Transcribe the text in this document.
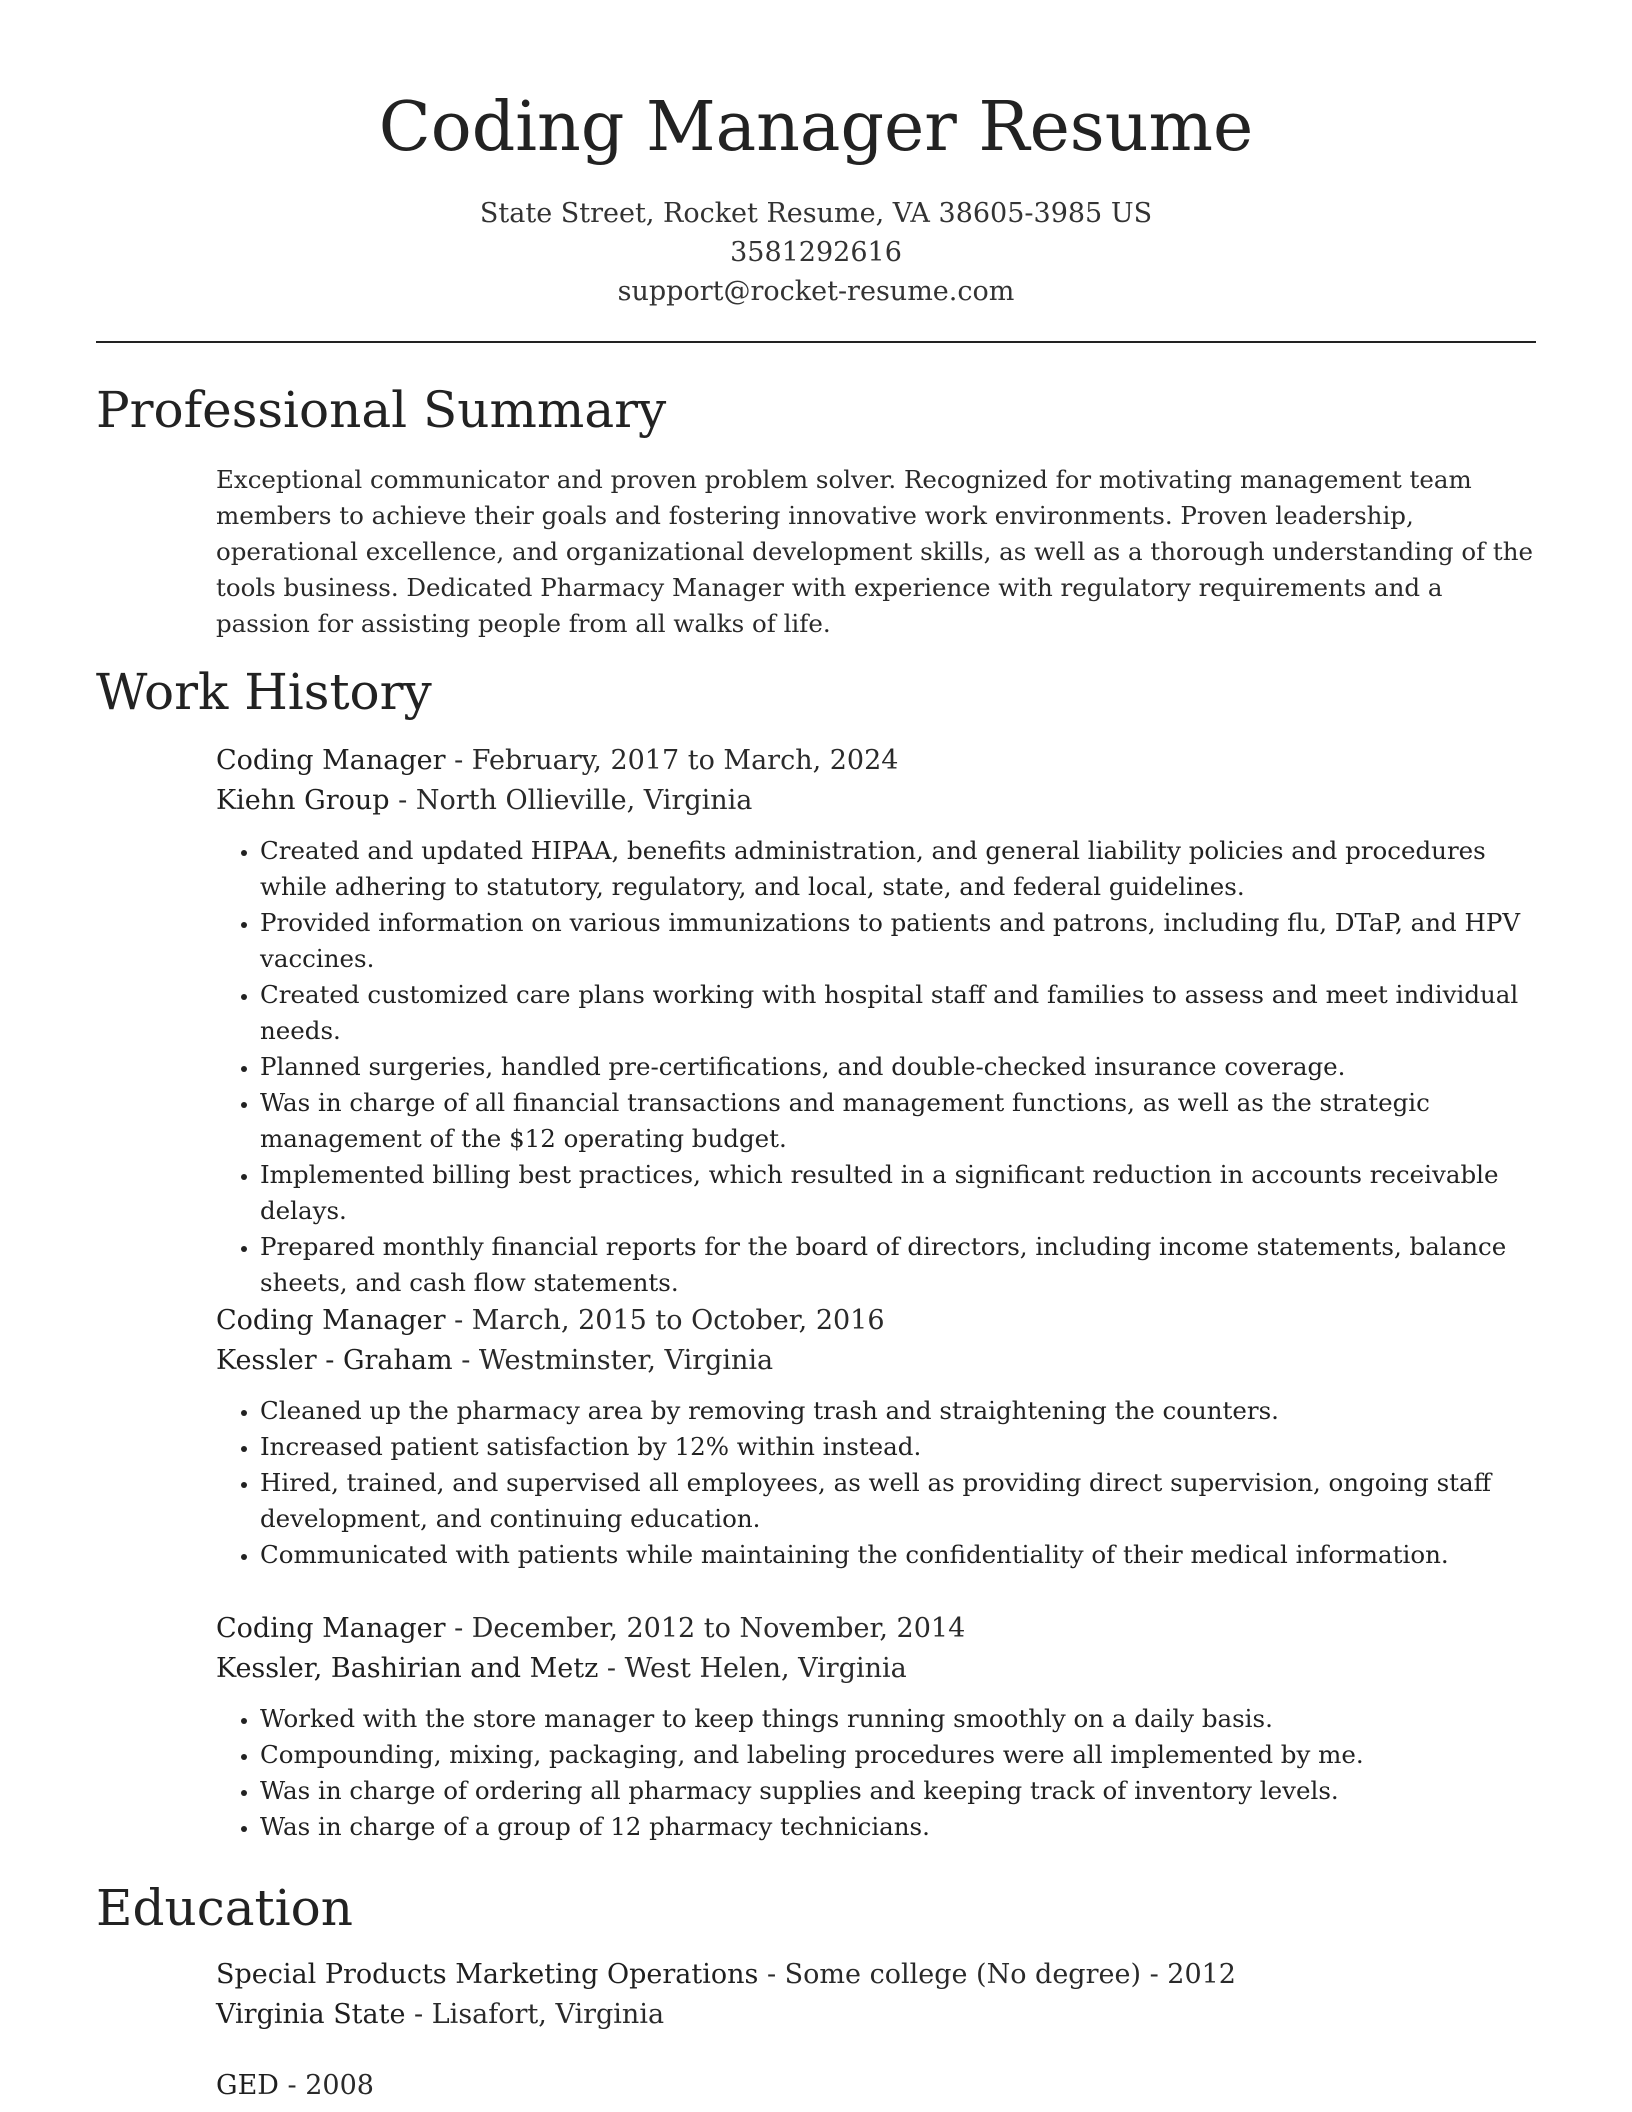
Coding Manager Resume
State Street, Rocket Resume, VA 38605-3985 US
3581292616
support@rocket-resume.com
Professional Summary
Exceptional communicator and proven problem solver. Recognized for motivating management team members to achieve their goals and fostering innovative work environments. Proven leadership, operational excellence, and organizational development skills, as well as a thorough understanding of the tools business. Dedicated Pharmacy Manager with experience with regulatory requirements and a passion for assisting people from all walks of life.
Work History
Coding Manager - February, 2017 to March, 2024
Kiehn Group - North Ollieville, Virginia
• Created and updated HIPAA, benefits administration, and general liability policies and procedures while adhering to statutory, regulatory, and local, state, and federal guidelines.
• Provided information on various immunizations to patients and patrons, including flu, DTaP, and HPV vaccines.
• Created customized care plans working with hospital staff and families to assess and meet individual needs.
• Planned surgeries, handled pre-certifications, and double-checked insurance coverage.
• Was in charge of all financial transactions and management functions, as well as the strategic management of the $12 operating budget.
• Implemented billing best practices, which resulted in a significant reduction in accounts receivable delays.
• Prepared monthly financial reports for the board of directors, including income statements, balance sheets, and cash flow statements.
Coding Manager - March, 2015 to October, 2016
Kessler - Graham - Westminster, Virginia
• Cleaned up the pharmacy area by removing trash and straightening the counters.
• Increased patient satisfaction by 12% within instead.
• Hired, trained, and supervised all employees, as well as providing direct supervision, ongoing staff development, and continuing education.
• Communicated with patients while maintaining the confidentiality of their medical information.
Coding Manager - December, 2012 to November, 2014
Kessler, Bashirian and Metz - West Helen, Virginia
• Worked with the store manager to keep things running smoothly on a daily basis.
• Compounding, mixing, packaging, and labeling procedures were all implemented by me.
• Was in charge of ordering all pharmacy supplies and keeping track of inventory levels.
• Was in charge of a group of 12 pharmacy technicians.
Education
Special Products Marketing Operations - Some college (No degree) - 2012
Virginia State - Lisafort, Virginia
GED - 2008
